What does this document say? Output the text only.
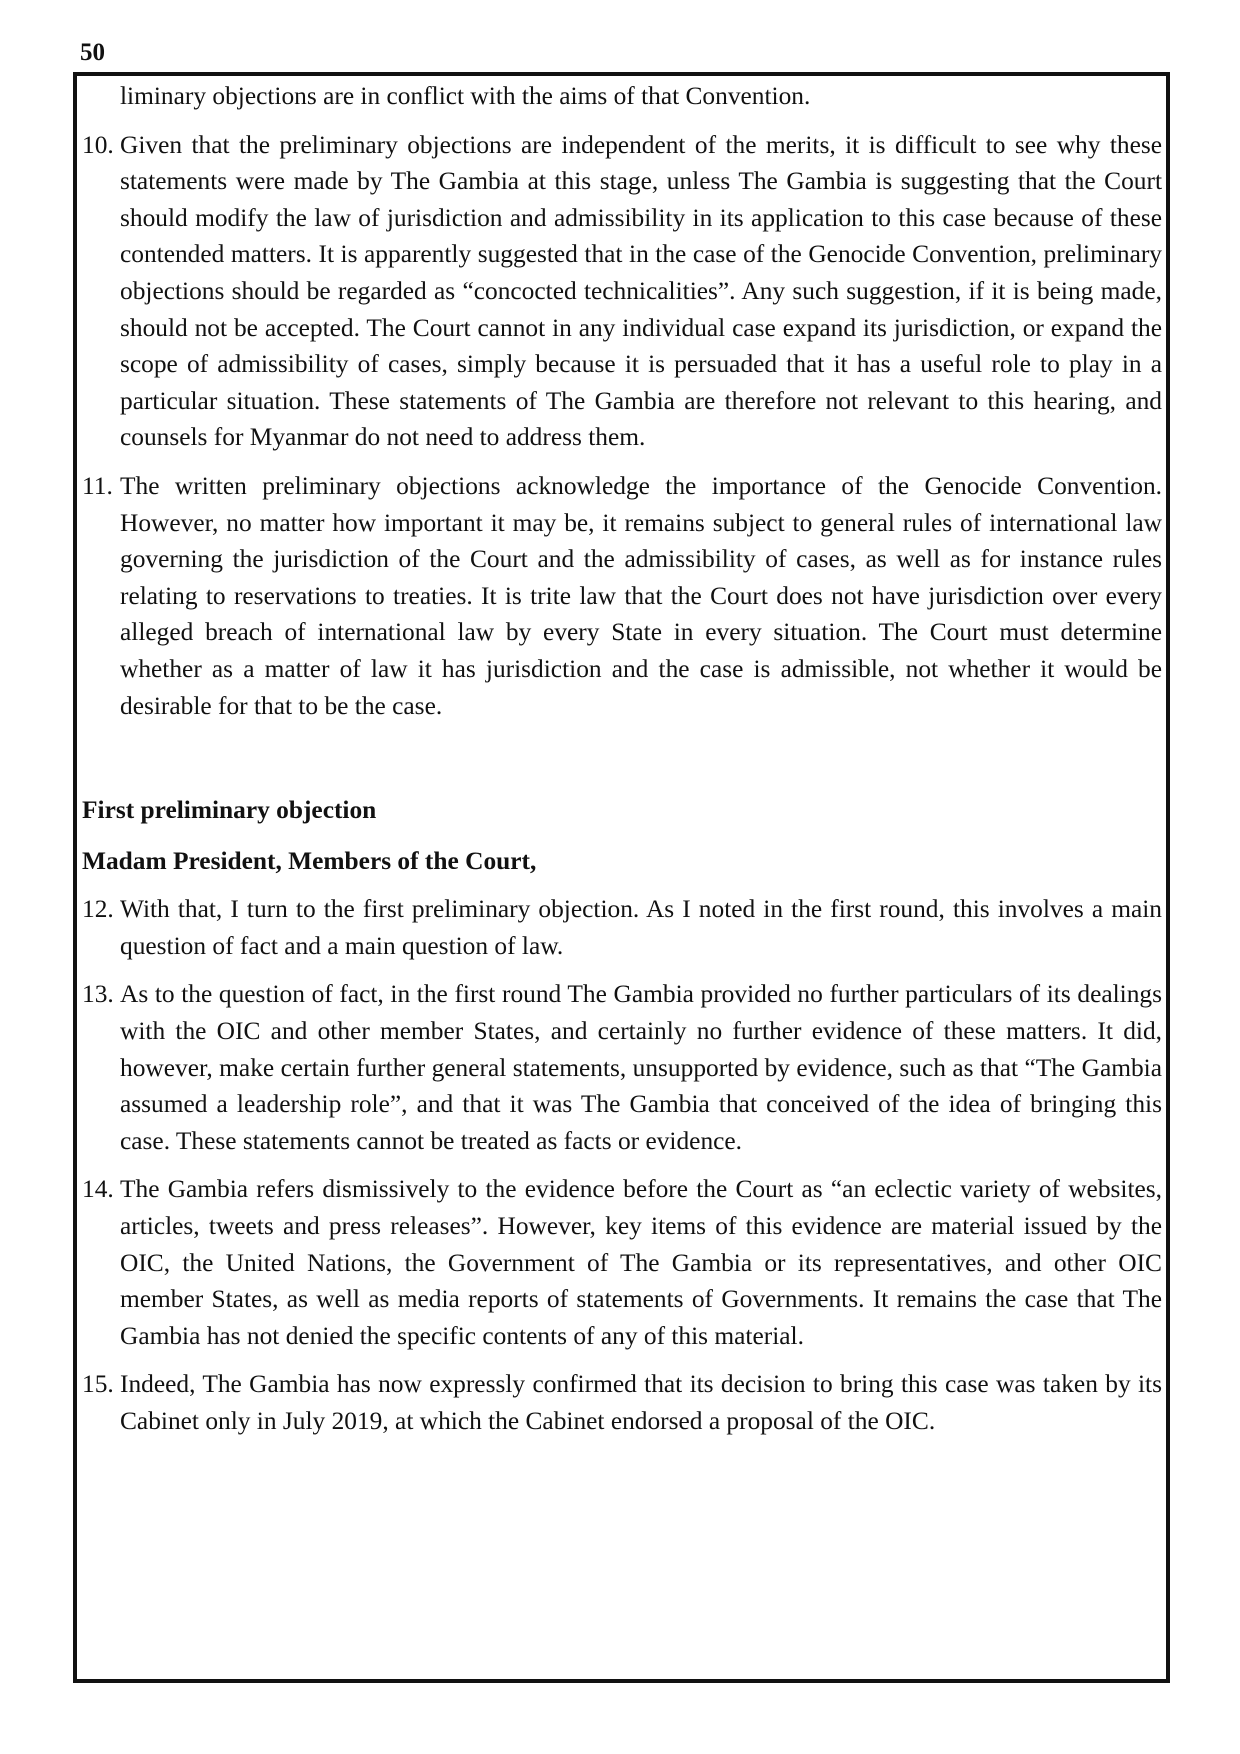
50
liminary objections are in conflict with the aims of that Convention.
10. Given that the preliminary objections are independent of the merits, it is difficult to see why these statements were made by The Gambia at this stage, unless The Gambia is suggesting that the Court should modify the law of jurisdiction and admissibility in its application to this case because of these contended matters. It is apparently suggested that in the case of the Genocide Convention, preliminary objections should be regarded as “concocted technicalities”. Any such suggestion, if it is being made, should not be accepted. The Court cannot in any individual case expand its jurisdiction, or expand the scope of admissibility of cases, simply because it is persuaded that it has a useful role to play in a particular situation. These statements of The Gambia are therefore not relevant to this hearing, and counsels for Myanmar do not need to address them.
11. The written preliminary objections acknowledge the importance of the Genocide Convention. However, no matter how important it may be, it remains subject to general rules of international law governing the jurisdiction of the Court and the admissibility of cases, as well as for instance rules relating to reservations to treaties. It is trite law that the Court does not have jurisdiction over every alleged breach of international law by every State in every situation. The Court must determine whether as a matter of law it has jurisdiction and the case is admissible, not whether it would be desirable for that to be the case.
First preliminary objection
Madam President, Members of the Court,
12. With that, I turn to the first preliminary objection. As I noted in the first round, this involves a main question of fact and a main question of law.
13. As to the question of fact, in the first round The Gambia provided no further particulars of its dealings with the OIC and other member States, and certainly no further evidence of these matters. It did, however, make certain further general statements, unsupported by evidence, such as that “The Gambia assumed a leadership role”, and that it was The Gambia that conceived of the idea of bringing this case. These statements cannot be treated as facts or evidence.
14. The Gambia refers dismissively to the evidence before the Court as “an eclectic variety of websites, articles, tweets and press releases”. However, key items of this evidence are material issued by the OIC, the United Nations, the Government of The Gambia or its representatives, and other OIC member States, as well as media reports of statements of Governments. It remains the case that The Gambia has not denied the specific contents of any of this material.
15. Indeed, The Gambia has now expressly confirmed that its decision to bring this case was taken by its Cabinet only in July 2019, at which the Cabinet endorsed a proposal of the OIC.
